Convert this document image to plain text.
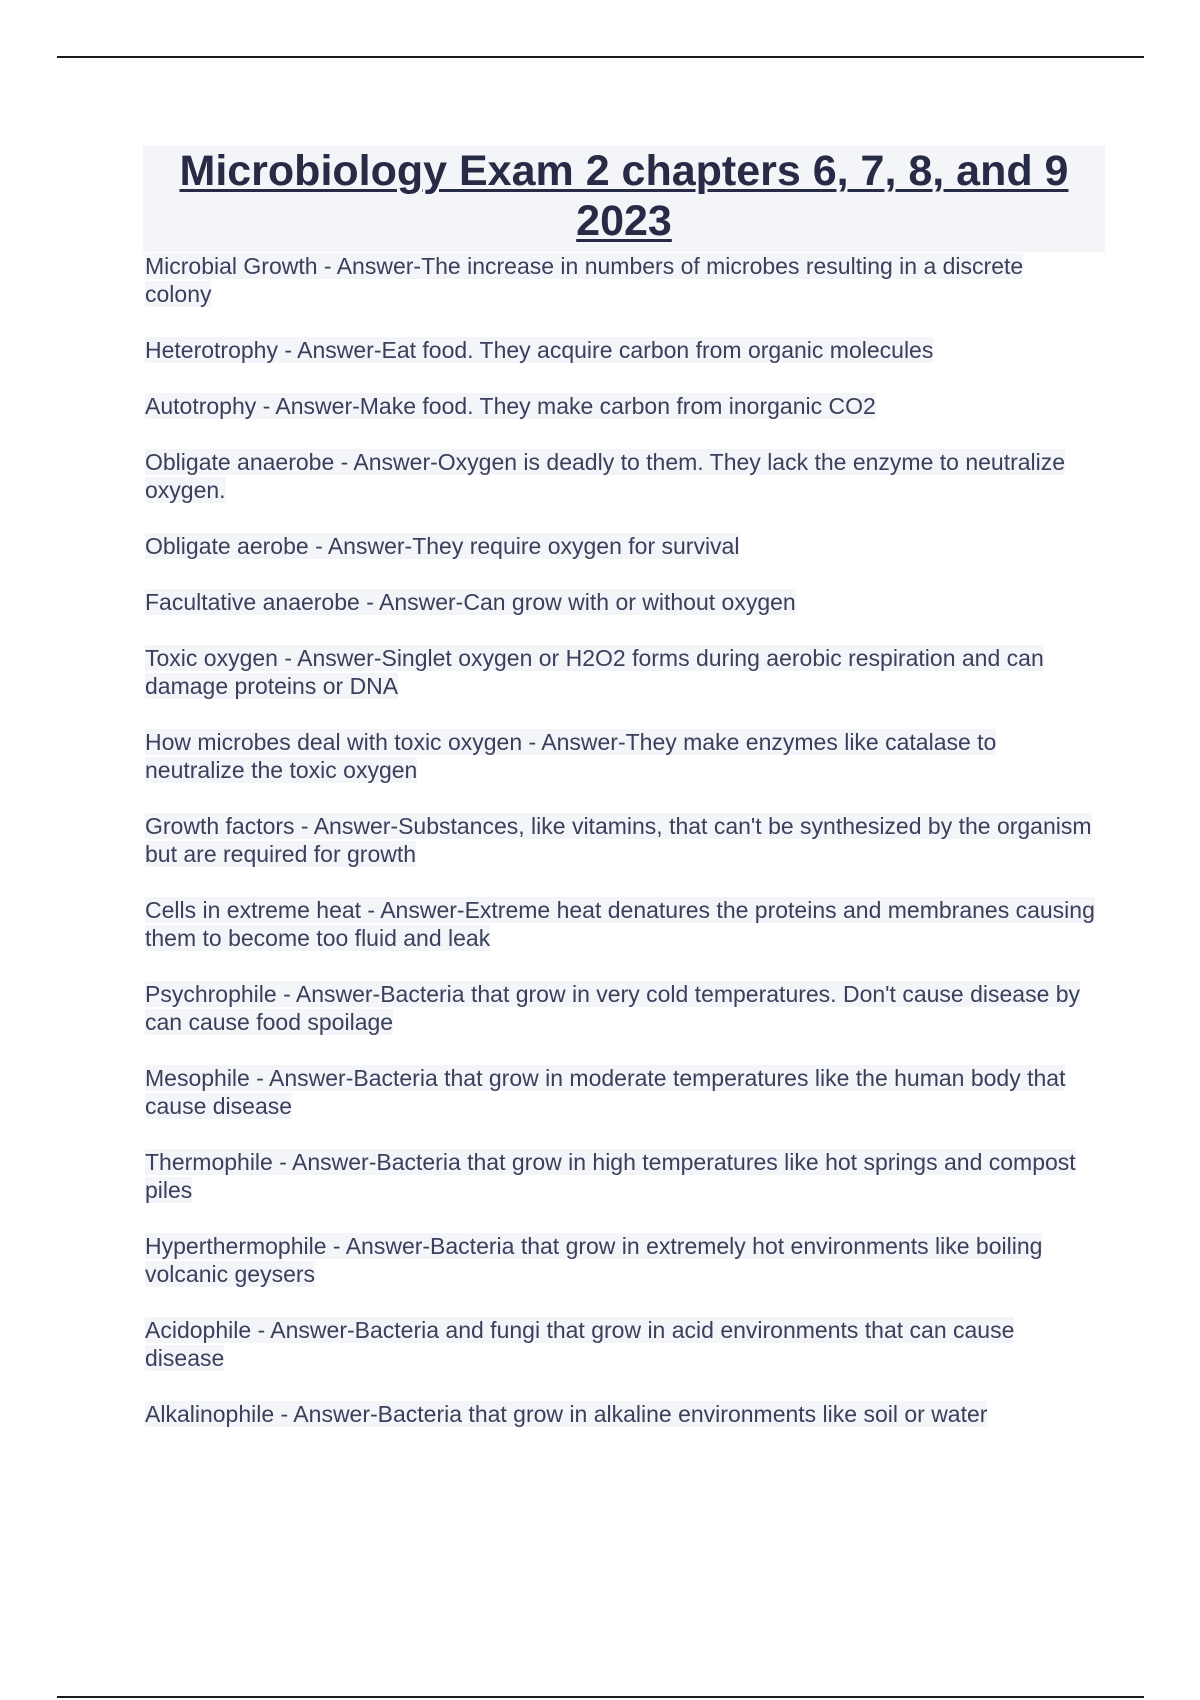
Microbiology Exam 2 chapters 6, 7, 8, and 9 2023

Microbial Growth - Answer-The increase in numbers of microbes resulting in a discrete colony

Heterotrophy - Answer-Eat food. They acquire carbon from organic molecules

Autotrophy - Answer-Make food. They make carbon from inorganic CO2

Obligate anaerobe - Answer-Oxygen is deadly to them. They lack the enzyme to neutralize oxygen.

Obligate aerobe - Answer-They require oxygen for survival

Facultative anaerobe - Answer-Can grow with or without oxygen

Toxic oxygen - Answer-Singlet oxygen or H2O2 forms during aerobic respiration and can damage proteins or DNA

How microbes deal with toxic oxygen - Answer-They make enzymes like catalase to neutralize the toxic oxygen

Growth factors - Answer-Substances, like vitamins, that can't be synthesized by the organism but are required for growth

Cells in extreme heat - Answer-Extreme heat denatures the proteins and membranes causing them to become too fluid and leak

Psychrophile - Answer-Bacteria that grow in very cold temperatures. Don't cause disease by can cause food spoilage

Mesophile - Answer-Bacteria that grow in moderate temperatures like the human body that cause disease

Thermophile - Answer-Bacteria that grow in high temperatures like hot springs and compost piles

Hyperthermophile - Answer-Bacteria that grow in extremely hot environments like boiling volcanic geysers

Acidophile - Answer-Bacteria and fungi that grow in acid environments that can cause disease

Alkalinophile - Answer-Bacteria that grow in alkaline environments like soil or water
